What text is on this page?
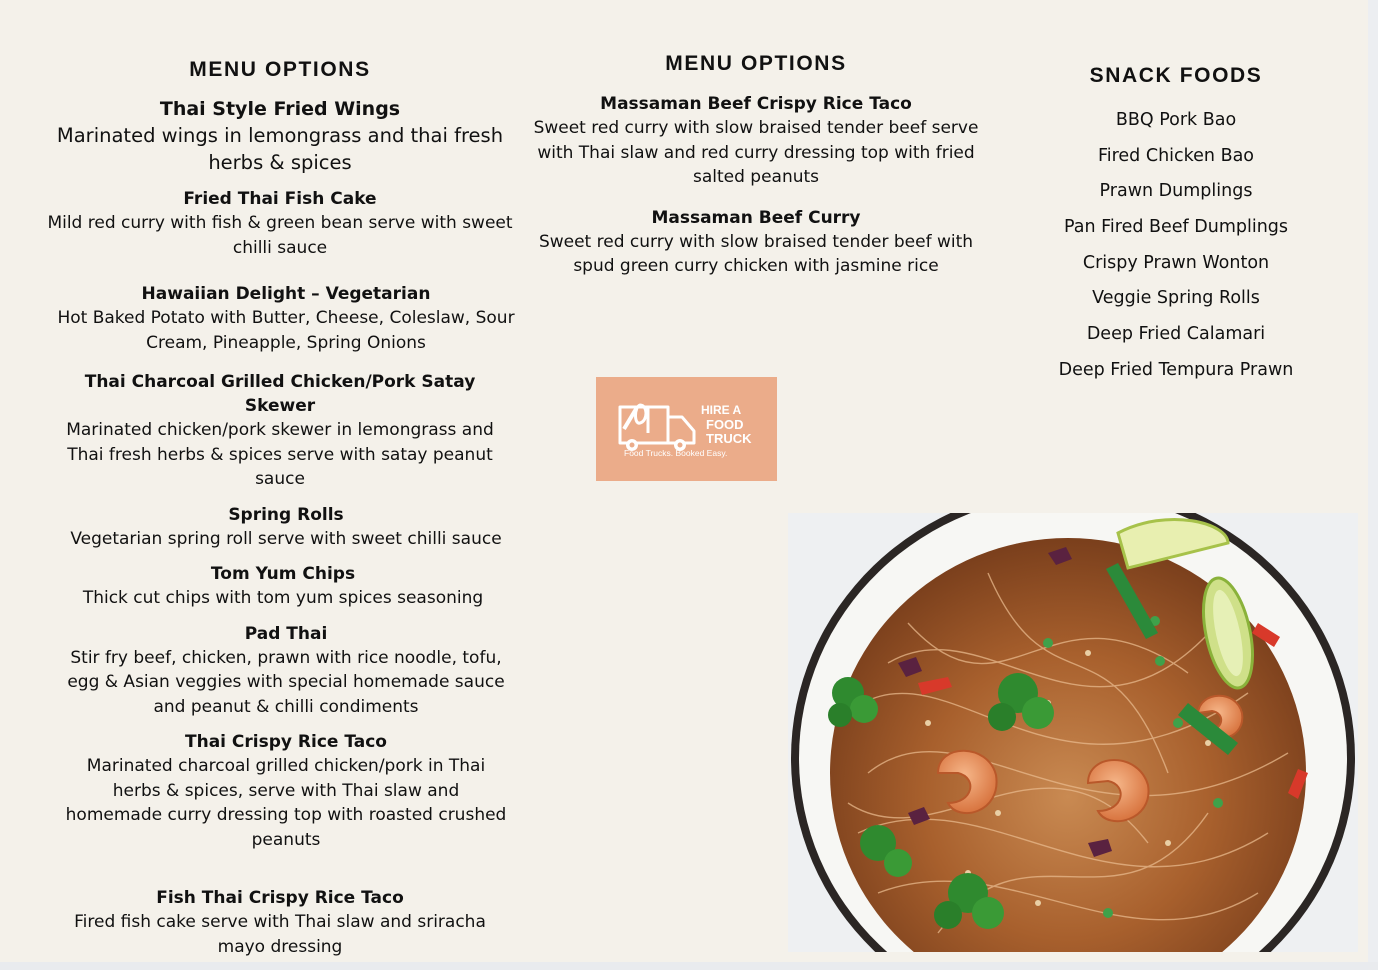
MENU OPTIONS
Thai Style Fried Wings
Marinated wings in lemongrass and thai fresh herbs & spices
Fried Thai Fish Cake
Mild red curry with fish & green bean serve with sweet chilli sauce
Hawaiian Delight – Vegetarian
Hot Baked Potato with Butter, Cheese, Coleslaw, Sour Cream, Pineapple, Spring Onions
Thai Charcoal Grilled Chicken/Pork Satay Skewer
Marinated chicken/pork skewer in lemongrass and Thai fresh herbs & spices serve with satay peanut sauce
Spring Rolls
Vegetarian spring roll serve with sweet chilli sauce
Tom Yum Chips
Thick cut chips with tom yum spices seasoning
Pad Thai
Stir fry beef, chicken, prawn with rice noodle, tofu, egg & Asian veggies with special homemade sauce and peanut & chilli condiments
Thai Crispy Rice Taco
Marinated charcoal grilled chicken/pork in Thai herbs & spices, serve with Thai slaw and homemade curry dressing top with roasted crushed peanuts
Fish Thai Crispy Rice Taco
Fired fish cake serve with Thai slaw and sriracha mayo dressing
MENU OPTIONS
Massaman Beef Crispy Rice Taco
Sweet red curry with slow braised tender beef serve with Thai slaw and red curry dressing top with fried salted peanuts
Massaman Beef Curry
Sweet red curry with slow braised tender beef with spud green curry chicken with jasmine rice
SNACK FOODS
BBQ Pork Bao
Fired Chicken Bao
Prawn Dumplings
Pan Fired Beef Dumplings
Crispy Prawn Wonton
Veggie Spring Rolls
Deep Fried Calamari
Deep Fried Tempura Prawn
HIRE A
FOOD
TRUCK
Food Trucks. Booked Easy.
